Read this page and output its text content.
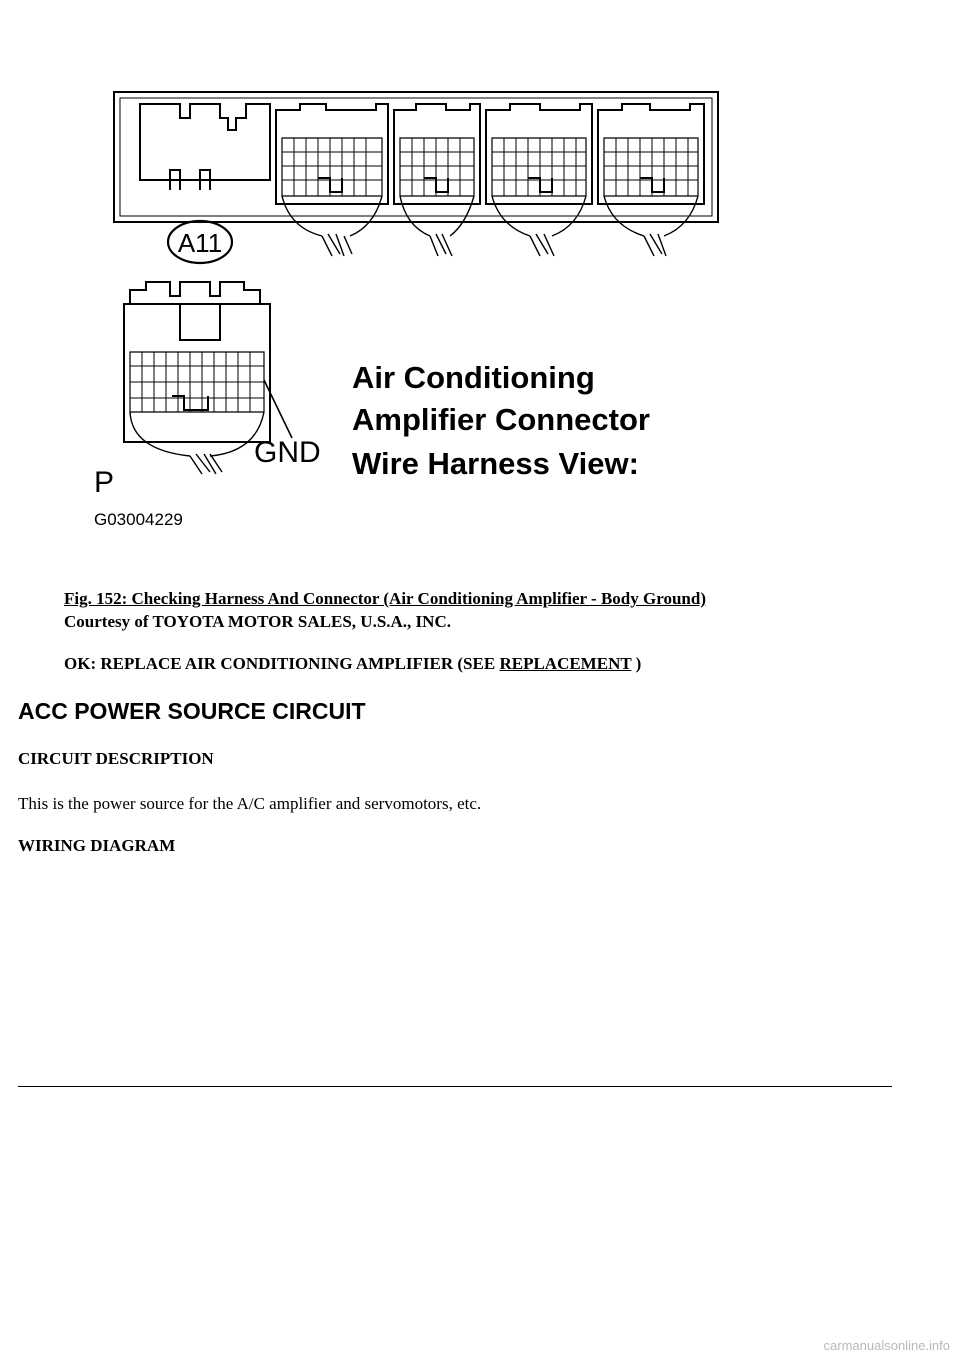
A11
GND
P
G03004229
Air Conditioning
Amplifier Connector
Wire Harness View:
Fig. 152: Checking Harness And Connector (Air Conditioning Amplifier - Body Ground)
Courtesy of TOYOTA MOTOR SALES, U.S.A., INC.
OK: REPLACE AIR CONDITIONING AMPLIFIER (SEE REPLACEMENT )
ACC POWER SOURCE CIRCUIT
CIRCUIT DESCRIPTION
This is the power source for the A/C amplifier and servomotors, etc.
WIRING DIAGRAM
carmanualsonline.info
